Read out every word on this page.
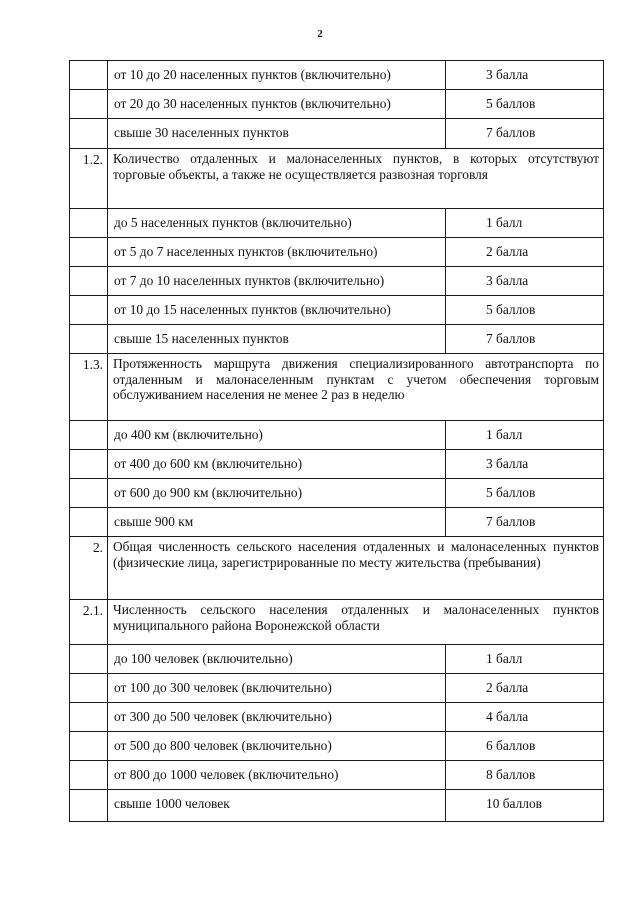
2
	от 10 до 20 населенных пунктов (включительно)	3 балла
	от 20 до 30 населенных пунктов (включительно)	5 баллов
	свыше 30 населенных пунктов	7 баллов
1.2.	Количество отдаленных и малонаселенных пунктов, в которых отсутствуют торговые объекты, а также не осуществляется развозная торговля	
	до 5 населенных пунктов (включительно)	1 балл
	от 5 до 7 населенных пунктов (включительно)	2 балла
	от 7 до 10 населенных пунктов (включительно)	3 балла
	от 10 до 15 населенных пунктов (включительно)	5 баллов
	свыше 15 населенных пунктов	7 баллов
1.3.	Протяженность маршрута движения специализированного автотранспорта по отдаленным и малонаселенным пунктам с учетом обеспечения торговым обслуживанием населения не менее 2 раз в неделю	
	до 400 км (включительно)	1 балл
	от 400 до 600 км (включительно)	3 балла
	от 600 до 900 км (включительно)	5 баллов
	свыше 900 км	7 баллов
2.	Общая численность сельского населения отдаленных и малонаселенных пунктов (физические лица, зарегистрированные по месту жительства (пребывания)	
2.1.	Численность сельского населения отдаленных и малонаселенных пунктов муниципального района Воронежской области	
	до 100 человек (включительно)	1 балл
	от 100 до 300 человек (включительно)	2 балла
	от 300 до 500 человек (включительно)	4 балла
	от 500 до 800 человек (включительно)	6 баллов
	от 800 до 1000 человек (включительно)	8 баллов
	свыше 1000 человек	10 баллов
